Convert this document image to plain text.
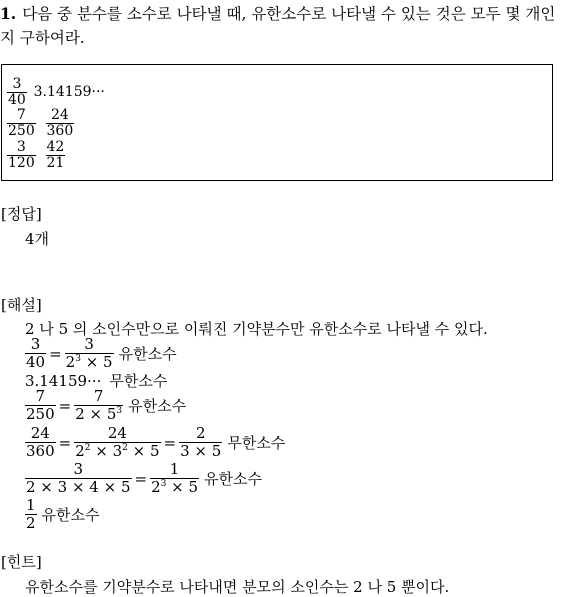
1. 다음 중 분수를 소수로 나타낼 때, 유한소수로 나타낼 수 있는 것은 모두 몇 개인지 구하여라.
$\frac{3}{40} 3.14159\cdot\cdot\cdot$
$\frac{7}{250}$
$\frac{24}{360}$
$\frac{3}{120}$
$\frac{42}{21}$
[정답]
4개
[해설]
2 나 5 의 소인수만으로 이뤄진 기약분수만 유한소수로 나타낼 수 있다.
$\frac{3}{40} = \frac{3}{2^3 \times 5}$ 유한소수
3.14159··· 무한소수
$\frac{7}{250} = \frac{7}{2 \times 5^3}$ 유한소수
$\frac{24}{360} = \frac{24}{2^2 \times 3^2 \times 5} = \frac{2}{3 \times 5}$ 무한소수
$\frac{3}{2 \times 3 \times 4 \times 5} = \frac{1}{2^3 \times 5}$ 유한소수
$\frac{1}{2}$ 유한소수
[힌트]
유한소수를 기약분수로 나타내면 분모의 소인수는 2 나 5 뿐이다.
